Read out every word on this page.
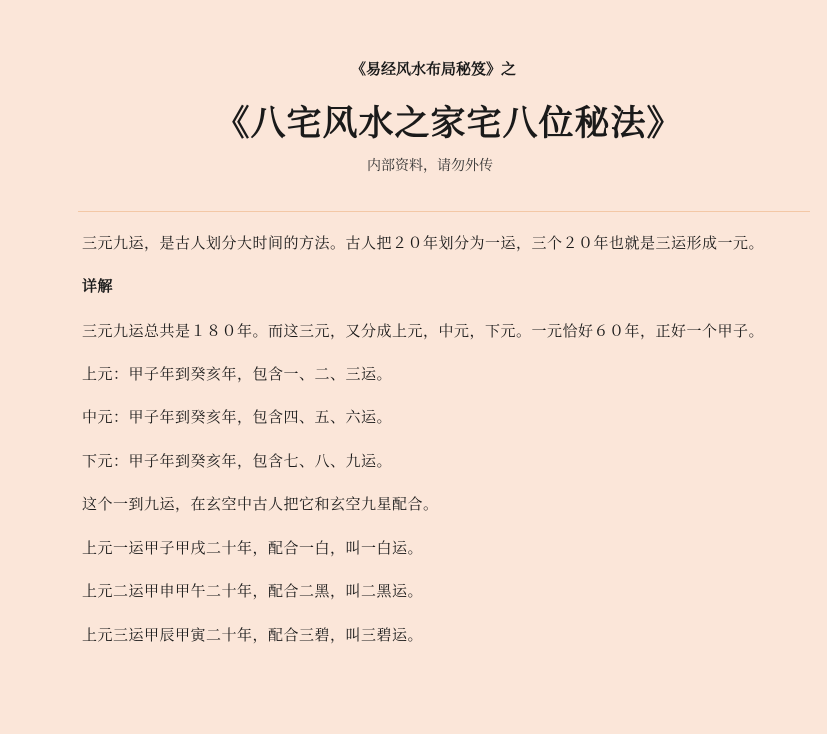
《易经风水布局秘笈》之
《八宅风水之家宅八位秘法》
内部资料，请勿外传

三元九运，是古人划分大时间的方法。古人把２０年划分为一运，三个２０年也就是三运形成一元。

详解

三元九运总共是１８０年。而这三元，又分成上元，中元，下元。一元恰好６０年，正好一个甲子。

上元：甲子年到癸亥年，包含一、二、三运。

中元：甲子年到癸亥年，包含四、五、六运。

下元：甲子年到癸亥年，包含七、八、九运。

这个一到九运，在玄空中古人把它和玄空九星配合。

上元一运甲子甲戌二十年，配合一白，叫一白运。

上元二运甲申甲午二十年，配合二黑，叫二黑运。

上元三运甲辰甲寅二十年，配合三碧，叫三碧运。
